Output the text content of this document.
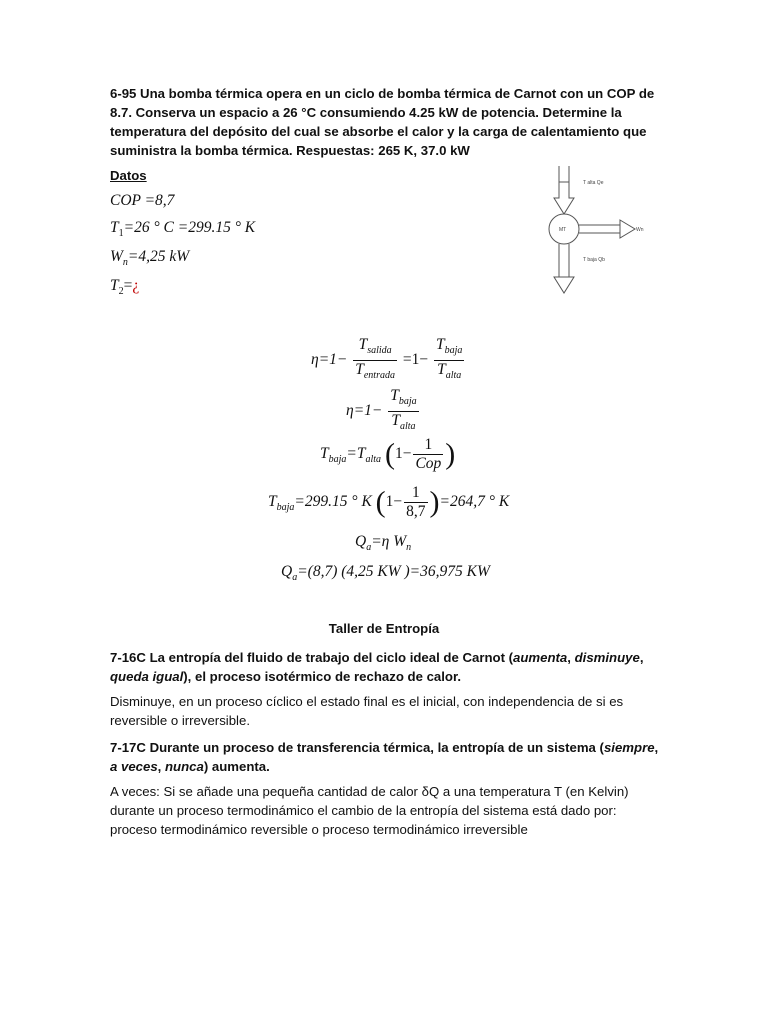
6-95 Una bomba térmica opera en un ciclo de bomba térmica de Carnot con un COP de 8.7. Conserva un espacio a 26 °C consumiendo 4.25 kW de potencia. Determine la temperatura del depósito del cual se absorbe el calor y la carga de calentamiento que suministra la bomba térmica. Respuestas: 265 K, 37.0 kW
Datos
COP =8,7
$T_1=26$ ° C =299.15 ° K
$W_n=4,25$ kW
$T_2=¿$
T alta Qe
MT	Wn
T baja Qb
$\eta=1- \frac{T_{salida}}{T_{entrada}} =1- \frac{T_{baja}}{T_{alta}}$
$\eta=1- \frac{T_{baja}}{T_{alta}}$
$T_{baja}=T_{alta}$ ($1- \frac{1}{\text{Cop}}$ )
$T_{baja}=299.15$ ° K $(1- \frac{1}{8,7} )=264,7$ ° K
$Q_a=\eta$ $W_n$
$Q_a=(8,7)$ (4,25 KW )=36,975 KW
Taller de Entropía
7-16C La entropía del fluido de trabajo del ciclo ideal de Carnot (aumenta, disminuye, queda igual), el proceso isotérmico de rechazo de calor.
Disminuye, en un proceso cíclico el estado final es el inicial, con independencia de si es reversible o irreversible.
7-17C Durante un proceso de transferencia térmica, la entropía de un sistema (siempre, a veces, nunca) aumenta.
A veces: Si se añade una pequeña cantidad de calor δQ a una temperatura T (en Kelvin) durante un proceso termodinámico el cambio de la entropía del sistema está dado por: proceso termodinámico reversible o proceso termodinámico irreversible
